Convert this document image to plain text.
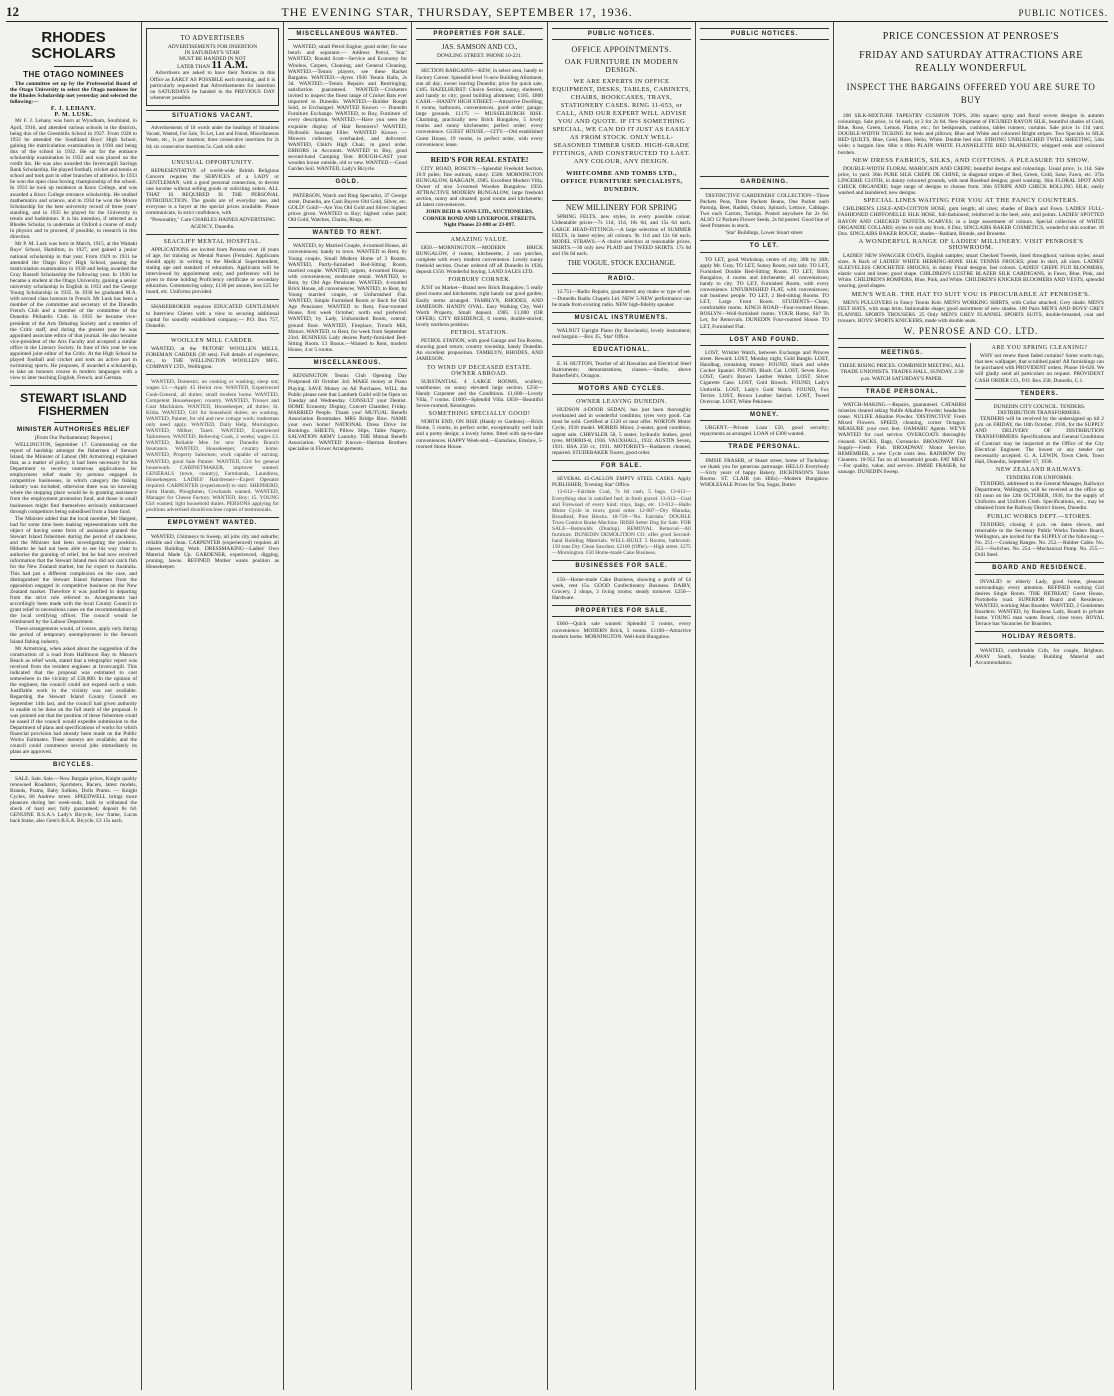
12	THE EVENING STAR, THURSDAY, SEPTEMBER 17, 1936.	PUBLIC NOTICES.
RHODES SCHOLARS
THE OTAGO NOMINEES

The committee set up by the Professorial Board of the Otago University to select the Otago nominees for the Rhodes Scholarship met yesterday and selected the following:—

F. J. LEHANY.
P. M. LUSK.

Mr F. J. Lehany was born at Wyndham, Southland, in April, 1916, and attended various schools in the districts, being dux of the Greenhills School in 1927. From 1928 to 1932 he attended the Southland Boys' High School, gaining the matriculation examination in 1930 and being dux of the school in 1932. He sat for the entrance scholarship examination in 1932 and was placed on the credit list. He was also awarded the Invercargill Savings Bank Scholarship. He played football, cricket and tennis at school and took part in other branches of athletics. In 1933 he won the open class boxing championship of the school. In 1933 he took up residence at Knox College, and was awarded a Knox College entrance scholarship. He studied mathematics and science, and in 1934 he won the Moore Scholarship for the best university record of three years' standing, and in 1935 he played for the University in tennis and badminton. It is his intention, if selected as a Rhodes Scholar, to undertake at Oxford a course of study in physics and to proceed, if possible, to research in this direction.

Mr P. M. Lusk was born in March, 1915, at the Waitaki Boys' School, Hamilton, in 1927, and gained a junior national scholarship in that year. From 1929 to 1931 he attended the Otago Boys' High School, passing the matriculation examination in 1930 and being awarded the Gray Russell Scholarship the following year. In 1930 he became a student at the Otago University, gaining a senior university scholarship in English in 1933 and the George Young Scholarship in 1935. In 1936 he graduated M.A. with second class honours in French. Mr Lusk has been a member of the committee and secretary of the Dunedin French Club and a member of the committee of the Dunedin Philatelic Club. In 1935 he became vice-president of the Arts Debating Society and a member of the Critic staff, and during the present year he was appointed associate editor of that journal. He also became vice-president of the Arts Faculty and accepted a similar office in the Literary Society. In June of this year he was appointed joint editor of the Critic. At the High School he played football and cricket and took an active part in swimming sports. He proposes, if awarded a scholarship, to take an honours course in modern languages with a view to later teaching English, French, and German.

STEWART ISLAND FISHERMEN
MINISTER AUTHORISES RELIEF
[From Our Parliamentary Reporter.]

WELLINGTON, September 17. Commenting on the report of hardship amongst the fishermen of Stewart Island, the Minister of Labour (Mr Armstrong) explained that, as a matter of policy, it had been necessary for his Department to receive numerous applications for employment relief made by persons engaged in competitive businesses, in which category the fishing industry was included; otherwise there was no knowing where the stopping place would be in granting assistance from the employment promotion fund, and those in small businesses might find themselves seriously embarrassed through competitors being subsidised from a State fund.

The Minister added that the local member, Mr Hargest, had for some time been making representations with the object of having some form of assistance granted the Stewart Island fishermen during the period of slackness, and the Minister had been investigating the position. Hitherto he had not been able to see his way clear to authorise the granting of relief, but he had now received information that the Stewart Island men did not catch fish for the New Zealand market, but for export to Australia. This had put a different complexion on the case, and distinguished the Stewart Island fishermen from the opposition engaged in competitive business on the New Zealand market. Therefore it was justified in departing from the strict rule referred to. Arrangements had accordingly been made with the local County Council to grant relief to necessitous cases on the recommendation of the local certifying officer. The council would be reimbursed by the Labour Department.

These arrangements would, of course, apply only during the period of temporary unemployment in the Stewart Island fishing industry.

Mr Armstrong, when asked about the suggestion of the construction of a road from Halfmoon Bay to Mason's Beach as relief work, stated that a telegraphic report was received from the resident engineer at Invercargill. This indicated that the proposal was estimated to cost somewhere in the vicinity of £30,000. In the opinion of the engineer, the council could not expend such a sum. Justifiable work in the vicinity was not available. Regarding the Stewart Island County Council on September 14th last, and the council had given authority to enable to be done on the full merit of the proposal. It was pointed out that the position of these fishermen could be eased if the council would expedite submission to the Department of plans and specifications of works for which financial provision had already been made on the Public Works Estimates. These moneys are available, and the council could commence several jobs immediately its plans are approved.

BICYCLES.

SALE. Sale. Sale.—Now Bargain prices, Knight quality renowned Roadsters, Sportsters, Racers, latest models, Brands, Prams, Baby Sulkies, Dolls Prams. — Knight Cycles, 80 Andrew street. SPEEDWELL brings more pleasure during her week-ends, built to withstand the shock of hard use; fully guaranteed; deposit 8s 6d. GENUINE B.S.A.'s Lady's Bicycle, low frame, Lucas back brake, also Gent's B.S.A. Bicycle, £3 15s each.

TO ADVERTISERS
ADVERTISEMENTS FOR INSERTION
IN SATURDAY'S 'STAR'
MUST BE HANDED IN NOT
LATER THAN 11 A.M.

Advertisers are asked to have their Notices in this Office as EARLY AS POSSIBLE each morning, and it is particularly requested that Advertisements for insertion on SATURDAYS be handed in the PREVIOUS DAY whenever possible.

SITUATIONS VACANT.

Advertisements of 18 words under the headings of Situations Vacant, Wanted, For Sale, To Let, Lost and Found, Miscellaneous Wants, etc., 1s per insertion; three consecutive insertions for 2s 6d; six consecutive insertions 5s. Cash with order.

UNUSUAL OPPORTUNITY.

REPRESENTATIVE of world-wide British Religious Concern requires the SERVICES of a LADY or GENTLEMAN, with a good personal connection, to devote one income without selling goods or soliciting orders. ALL THAT IS REQUIRED IS THE PERSONAL INTRODUCTION. The goods are of everyday use, and everyone is a buyer at the special prices available. Please communicate, in strict confidence, with

"Personality," Care CHARLES HAINES ADVERTISING AGENCY, Dunedin.
SEACLIFF MENTAL HOSPITAL.

APPLICATIONS are invited from Persons over 18 years of age, for training as Mental Nurses (Female). Applicants should apply in writing to the Medical Superintendent, stating age and standard of education. Applicants will be interviewed by appointment only, and preference will be given to those holding Proficiency certificate or secondary education. Commencing salary, £130 per annum, less £25 for board, etc. Uniforms provided.

SHAREBROKER requires EDUCATED GENTLEMAN to Interview Clients with a view to securing additional capital for soundly established company.— P.O. Box 757, Dunedin.

WOOLLEN MILL CARDER.

WANTED, at the 'PETONE' WOOLLEN MILLS, FOREMAN CARDER (30 sets). Full details of experience, etc., to THE WELLINGTON WOOLLEN MFG. COMPANY LTD., Wellington.

WANTED, Domestic; no cooking or washing; sleep out; wages £1.—Apply 45 Heriot row. WANTED, Experienced Cook-General, all duties; small modern home. WANTED, Competent Housekeeper; country. WANTED, Trouser and Coat Machinists. WANTED, Housekeeper, all duties; St. Kilda. WANTED, Girl for household duties; no washing. WANTED, Painter, for old and new cottage work; tradesman only need apply. WANTED, Daily Help, Mornington. WANTED, Milker; Taieri. WANTED, Experienced Tailoresses. WANTED, Relieving Cook, 2 weeks; wages £3. WANTED, Reliable Men for new Dunedin Branch Insurance. WANTED, Housekeeper, country home. WANTED, Property Salesmen; work capable of earning. WANTED, good Sale Painter. WANTED, Girl for general housework. CABINETMAKER, improver wanted. GENERALS (town, country), Farmhands, Laundress, Housekeepers. LADIES' Hairdresser—Expert Operator required. CARPENTER (experienced) to start. SHEPHERD, Farm Hands, Ploughmen, Cowhands wanted. WANTED, Manager for Cheese Factory. WANTED, Boy; 15. YOUNG Girl wanted; light household duties. PERSONS applying for positions advertised should enclose copies of testimonials.

EMPLOYMENT WANTED.

WANTED, Chimneys to Sweep, all jobs city and suburbs; reliable and clean. CARPENTER (experienced) requires all classes Building Work. DRESSMAKING—Ladies' Own Material Made Up. GARDENER, experienced, digging, pruning, lawns. REFINED Mother wants position as Housekeeper.

MISCELLANEOUS WANTED.

WANTED, small Petrol Engine, good order; for saw bench and separator.— Address Petrol, 'Star.' WANTED, Ronald Scott—Service and Economy for Window, Carpets, Cleaning, and General Cleaning. WANTED.—Tennis players, see these Racket Bargains. WANTED.—Ayres 1936 Tennis Balls, 2s 3d. WANTED.—Tennis Repairs and Restringing; satisfaction guaranteed. WANTED.—Cricketers invited to inspect the finest range of Cricket Bats ever imported to Dunedin. WANTED.—Builder Rough Sold, or Exchanged. WANTED Known — Dunedin Furniture Exchange. WANTED, to Buy, Furniture of every description. WANTED.—Have you seen the exquisite display of Hair Restorers? WANTED, Hydraulic Sausage Filler. WANTED Known — Mowers collected, overhauled, and delivered. WANTED, Child's High Chair, in good order. ERRORS in Accounts. WANTED to Buy, good second-hand Camping Tent. ROUGH-CAST your wooden house outside, old or new. WANTED.—Good Garden Soil. WANTED, Lady's Bicycle.

GOLD.

PATERSON, Watch and Ring Specialist, 37 George street, Dunedin, are Cash Buyers Old Gold, Silver, etc. GOLD! Gold!—Are You Old Gold and Silver; highest prices given. WANTED to Buy; highest value paid; Old Gold, Watches, Chains, Rings, etc.

WANTED TO RENT.

WANTED, by Married Couple, 4-roomed House, all conveniences; handy to town. WANTED to Rent, by Young couple, Small Modern Home of 3 Rooms. WANTED, Partly-furnished Bed-Sitting Room, married couple. WANTED, urgent, 4-roomed House, with conveniences; moderate rental. WANTED, to Rent, by Old Age Pensioner. WANTED, 4-roomed Brick House, all conveniences. WANTED, to Rent, by Young married couple, or Unfurnished Flat. WANTED, Simple Furnished Room or Bach for Old Age Pensioner. WANTED to Rent, Four-roomed House, first week October; north end preferred. WANTED, by Lady, Unfurnished Room, central; ground floor. WANTED, Fireplace, Trench Mill, Motors. WANTED, to Rent, for week from September 23rd. BUSINESS Lady desires Partly-furnished Bed-Sitting Room. £1 Bonus.—Wanted to Rent, modern House, 4 or 5 rooms.

MISCELLANEOUS.

KENSINGTON Tennis Club Opening Day Postponed till October 3rd. MAKE money at Piano Playing. SAVE Money on All Purchases. WILL the Public please note that Lambeth Guild will be Open on Tuesday and Wednesday. CONSULT your Dentist. HOME Economy Display, Concert Chamber, Friday. MARRIED People. Thank you! MUTUAL Benefit Association Bootmaker. MRS Bridge Rice. NAME your own home! NATIONAL Dress Drive for Bookings. SHEETS, Pillow Slips, Table Napery. SALVATION ARMY Laundry. THE Mutual Benefit Association. WANTED Known—Harman Brothers specialise in Flower Arrangements.

PROPERTIES FOR SALE.
JAS. SAMSON AND CO.,
DOWLING STREET. PHONE 10-221.

SECTION BARGAINS—KEW, in select area, handy to Factory Corner. Splendid level ½-acre Building Allotment, sun all day; owner leaving Dunedin; price for quick sale, £185. HAZELHURST: Choice Section, sunny, sheltered, and handy to city; good building allotment; £185. £800 CASH.—HANDY HIGH STREET.—Attractive Dwelling, 6 rooms, bathroom, conveniences, good order; garage; large grounds. £1175 — MUSSELBURGH RISE. Charming, practically new Brick Bungalow, 5 lovely rooms and sunny kitchenette; perfect order; every convenience. GUEST HOUSE.—CITY.—Old established Guest House, 19 rooms, in perfect order, with every convenience; lease.

REID'S FOR REAL ESTATE!

CITY ROAD, ROSLYN.—Splendid Freehold Section, 10.9 poles; fine outlook, sunny. £500. MORNINGTON BUNGALOW, BARGAIN, £985. Excellent Modern Villa, Owner of nice 5-roomed Wooden Bungalow. £950. ATTRACTIVE MODERN BUNGALOW, large freehold section, sunny and situated; good rooms and kitchenette; all latest conveniences.

JOHN REID & SONS LTD., AUCTIONEERS, CORNER BOND AND LIVERPOOL STREETS. Night Phones 23-888 or 23-897.
AMAZING VALUE.

£850.—MORNINGTON.—MODERN BRICK BUNGALOW, 4 rooms, kitchenette, 2 sun porches, complete with every modern convenience. Lovely sunny freehold section. Owner ordered off all Dunedin in 1936, deposit £150. Wonderful buying. LAND SALES LTD.

FORBURY CORNER.

JUST on Market—Brand new Brick Bungalow, 5 really good rooms and kitchenette; right handy our good garden; Easily terms arranged. TAMBLYN, RHODES, AND JAMIESON. HANDY OVAL. Easy Walking City, Well Worth Property. Small deposit. £985. £1,000 (OR OFFER). CITY RESIDENCE, 6 rooms, double-storied; lovely northern position.

PETROL STATION.

PETROL STATION, with good Garage and Tea Rooms, showing good return; country township, handy Dunedin. An excellent proposition. TAMBLYN, RHODES, AND JAMIESON.

TO WIND UP DECEASED ESTATE. OWNER ABROAD.

SUBSTANTIAL 4 LARGE ROOMS, scullery, washhouse; on sunny elevated large section. £250—Handy Carpenter and the Conditions. £1,600—Lovely Villa, 7 rooms. £1600—Splendid Villa. £850—Beautiful Seven-roomed, Kensington.

SOMETHING SPECIALLY GOOD!

NORTH END, ON RISE (Handy to Gardens).—Brick Home, 5 rooms, in perfect order, exceptionally well built and a pretty design; a lovely home, fitted with up-to-date conveniences. HAPPY Week-end.—Earnshaw, Emslaw, 5-roomed Stone House.

PUBLIC NOTICES.
OFFICE APPOINTMENTS.
OAK FURNITURE IN MODERN DESIGN.
WE ARE EXPERTS IN OFFICE EQUIPMENT, DESKS, TABLES, CABINETS, CHAIRS, BOOKCASES, TRAYS, STATIONERY CASES. RING 11-653, or CALL, AND OUR EXPERT WILL ADVISE YOU AND QUOTE. IF IT'S SOMETHING SPECIAL, WE CAN DO IT JUST AS EASILY AS FROM STOCK. ONLY WELL-SEASONED TIMBER USED. HIGH-GRADE FITTINGS, AND CONSTRUCTED TO LAST. ANY COLOUR, ANY DESIGN.
WHITCOMBE AND TOMBS LTD., OFFICE FURNITURE SPECIALISTS, DUNEDIN.
NEW MILLINERY FOR SPRING

SPRING FELTS, new styles, in every possible colour. Unbeatable prices—7s 11d, 11d, 10s 6d, and 15s 6d each. LARGE HEAD-FITTINGS.—A large selection of SUMMER FELTS, in latest styles; all colours. 9s 11d and 12s 6d each. MODEL STRAWS.—A choice selection at reasonable prices. SKIRTS.—30 only new PLAID and TWEED SKIRTS. 17s 6d and 19s 6d each.

THE VOGUE, STOCK EXCHANGE.
RADIO.

12.751—Radio Repairs, guaranteed; any make or type of set.—Dunedin Radio Chapels Ltd. NEW 5-NEW performance can be made from existing radio. NEW high-fidelity speaker.

MUSICAL INSTRUMENTS.

WALNUT Upright Piano (by Rowlands), lovely instrument; real bargain.—Box 35, 'Star' Office.

EDUCATIONAL.

E. H. HUTTON, Teacher of all Hawaiian and Electrical Steel Instruments; demonstrations, classes.—Studio, above Butterfield's, Octagon.

MOTORS AND CYCLES.
OWNER LEAVING DUNEDIN.

HUDSON 4-DOOR SEDAN, has just been thoroughly overhauled and in wonderful condition; tyres very good. Car must be sold. Certified at £120 or near offer. NORTON Motor Cycle, 1930 model. MORRIS Minor, 2-seater, good condition, urgent sale. CHRYSLER 58, 5 seater, hydraulic brakes, good tyres. MORRIS-8, 1936. VAUXHALL, 1932. AUSTIN Seven, 1931. BSA 250 cc, 1931. MOTORISTS—Radiators cleaned, repaired. STUDEBAKER Tourer, good order.

FOR SALE.

SEVERAL 45-GALLON EMPTY STEEL CASKS. Apply PUBLISHER, 'Evening Star' Office.

13-612—Fairdale Coal, 7s 6d cash, 5 bags. 13-612—Everything shot in satisfied fuel; in fresh gravel. 13-612—Coal and Firewood of every kind; trays, bags, etc. 13-612—Hallo Motor Cycle in town; good order. 12-087—Dry Manuka, Broadleaf, Pine Blocks. 18-739—'No. Fairdale.' DOUBLE Truss Comice Brake Machine. IRISH Setter Dog for Sale. FOR SALE—Remoulds (Dunlop). REMOVAL Removal—All furniture. DUNEDIN DEMOLITION CO. offer good Second-hand Building Materials. WELL-BUILT 5 Rooms, bathroom. 150 tons Dry Clean Sawdust. £2100 (Offer).—High street. £275—Mornington. £50 Home-made Cake Business.

BUSINESSES FOR SALE.

£50—Home-made Cake Business, showing a profit of £4 week, rent 15s. GOOD Confectionery Business. DAIRY, Grocery, 2 shops, 3 living rooms; steady turnover. £250—Hardware.

PROPERTIES FOR SALE.

£660—Quick sale wanted: Splendid 5 rooms, every convenience. MODERN Brick, 5 rooms. £1100—Attractive modern home. MORNINGTON: Well-built Bungalow.

PUBLIC NOTICES.
GARDENING.

'DISTINCTIVE' GARDENERS' COLLECTION—Three Packets Peas, Three Packets Beans, One Packet each Parsnip, Beet, Radish, Onion, Spinach, Lettuce, Cabbage. Two each Carrots, Turnips. Posted anywhere for 2s 6d. ALSO 12 Packets Flower Seeds, 2s 6d posted. Good line of Seed Potatoes in stock.

'Star' Buildings, Lower Stuart street.
TO LET.

TO LET, good Workshop, centre of city, 30ft by 20ft; apply Mr. Gray. TO LET, Sunny Room, suit lady. TO LET, Furnished Double Bed-Sitting Room. TO LET, Brick Bungalow, 4 rooms and kitchenette; all conveniences; handy to city. TO LET, Furnished Room, with every convenience. UNFURNISHED FLAT, with conveniences; suit business people. TO LET, 2 Bed-sitting Rooms. TO LET, Large Front Room. STUDENTS—Clean, comfortable rooms. KINGS ROAD—Four-roomed House. ROSLYN—Well-furnished rooms. YOUR Home, Sir? To Let, for Removals. DUNEDIN Four-roomed House. TO LET, Furnished Flat.

LOST AND FOUND.

LOST, Wristlet Watch, between Exchange and Princes street. Reward. LOST, Monday night, Gold Bangle. LOST, Handbag, containing money. FOUND, black and white Cocker Spaniel. FOUND, Black Cat. LOST, Seven Keys. LOST, Gent's Brown Leather Wallet. LOST, Silver Cigarette Case. LOST, Gold Brooch. FOUND, Lady's Umbrella. LOST, Lady's Gold Watch. FOUND, Fox Terrier. LOST, Brown Leather Satchel. LOST, Tweed Overcoat. LOST, White Pekinese.

MONEY.

URGENT.—Private Loan £50, good security; repayments as arranged. LOAN of £300 wanted.

TRADE PERSONAL.

JIMSIE FRASER, of Stuart street, home of Tuckshop: we thank you for generous patronage. HELLO Everybody—Sixty years of happy Bakery. DICKINSON'S Toilet Rooms. ST. CLAIR (on Hills).—Modern Bungalow. WHOLESALE Prices for Tea, Sugar, Butter.

PRICE CONCESSION AT PENROSE'S
FRIDAY AND SATURDAY ATTRACTIONS ARE REALLY WONDERFUL
INSPECT THE BARGAINS OFFERED YOU ARE SURE TO BUY

200 SILK-MIXTURE TAPESTRY CUSHION TOPS, 20in square; spray and floral woven designs in autumn colourings. Sale price, 1s 6d each, or 2 for 2s 6d. New Shipment of FIGURED RAYON SILK, beautiful shades of Gold, Blue, Rose, Green, Lemon, Flame, etc.; for bedspreads, cushions, tables runners, curtains. Sale price 1s 11d yard. DOUBLE-WIDTH TICKING for beds and pillows; Blue and White and coloured Bright stripes. Two Specials in SILK BED QUILTS, Blue, Gold, Rose, Helio, White. Double bed size. STRONG UNBLEACHED TWILL SHEETING, 54in wide; a bargain line. 60in x 80in PLAIN WHITE FLANNELETTE BED BLANKETS; whipped ends and coloured borders.

NEW DRESS FABRICS, SILKS, AND COTTONS. A PLEASURE TO SHOW.

DOUBLE-WIDTH FLORAL MAROCAIN AND CREPE; beautiful designs and colourings. Usual price, 1s 11d. Sale price, 1s yard. 36in PURE SILK CREPE DE CHINE, in diagonal stripes of Red, Green, Gold, Saxe, Fawn, etc. 37in LINGERIE CLOTH, in dainty coloured grounds, with neat Rosebud designs; good washing. 36in FLORAL SPOT AND CHECK ORGANDIE; huge range of designs to choose from. 36in STRIPE AND CHECK ROLLING SILK; easily washed and laundered; new designs.

SPECIAL LINES WAITING FOR YOU AT THE FANCY COUNTERS.

CHILDREN'S LISLE-AND-COTTON HOSE, gum length; all sizes; shades of Black and Fawn. LADIES' FULL-FASHIONED CHIFFONELLE SILK HOSE, full-fashioned, reinforced in the heel, sole, and points. LADIES' SPOTTED RAYON AND CHECKED TAFFETA SCARVES; in a large assortment of colours. Special collection of WHITE ORGANDIE COLLARS; styles to suit any frock. 6 Doz. SINCLAIRS BAKER COSMETICS, wonderful skin soother. 10 Doz. SINCLAIRS BAKER ROUGE, shades—Radiant, Blonde, and Brunette.

A WONDERFUL RANGE OF LADIES' MILLINERY. VISIT PENROSE'S SHOWROOM.

LADIES' NEW SWAGGER COATS, English samples; smart Checked Tweeds, lined throughout; various styles; usual sizes. A Rack of LADIES' WHITE HERRING-BONE SILK TENNIS FROCKS; pleat in skirt, all sizes. LADIES' SLEEVELESS CROCHETEE SMOCKS, in dainty Floral designs; fast colours. LADIES' CREPE FUJI BLOOMERS, elastic waist and knee; good shape. CHILDREN'S LUSTRE BLAZER SILK CARDIGANS, in Fawn, Blue, Pink, and White. CHILDREN'S ROMPERS, Blue, Pink, and White. CHILDREN'S KNICKER BLOOMERS AND VESTS, splendid wearing, good shapes.

MEN'S WEAR. THE HAT TO SUIT YOU IS PROCURABLE AT PENROSE'S.

MEN'S PULLOVERS in Fancy Tennis Knit. MEN'S WORKING SHIRTS, with Collar attached; Grey shade. MEN'S FELT HATS, with snap brim, fashionable shape; good assortment of new shades. 100 Pairs MEN'S AND BOYS' GREY FLANNEL SPORTS TROUSERS. 25 Only MEN'S GREY FLANNEL SPORTS SUITS, double-breasted, coat and trousers. BOYS' SPORTS KNICKERS, made with double seats.

W. PENROSE AND CO. LTD.
MEETINGS.
THESE RISING PRICES. COMBINED MEETING, ALL TRADE UNIONISTS. TRADES HALL, SUNDAY, 2.30 p.m. WATCH SATURDAY'S PAPER.
TRADE PERSONAL.

WATCH-MAKING.—Repairs, guaranteed. CATARRH miseries cleared taking Nulife Alkaline Powder; headaches cease. NULIFE Alkaline Powder. 'DISTINCTIVE' Fresh Mixed Flowers. SPEED, cleaning, corner Octagon. MEASURE your own feet. OAMARU Agents. WE'VE WANTED for coal service. OVERCOATS thoroughly cleaned. SACKS, Bags, Cornsacks. BROADWAY Fish Supply—Fresh Fish. BROADWAY Motor Service. REMEMBER, a new Cycle costs less. RAINBOW Dry Cleaners. 10-952 Tax on all household goods. FAT MEAT—For quality, value, and service. JIMSIE FRASER, for sausage. DUNEDIN Sweep.

ARE YOU SPRING CLEANING?

WHY not renew those faded curtains? Some warm rugs, that new wallpaper, that scrubbed paint! All furnishings can be purchased with PROVIDENT orders. Phone 10-626. We will gladly send all particulars on request. PROVIDENT CASH ORDER CO., P.O. Box 258, Dunedin, C.1.

TENDERS.
DUNEDIN CITY COUNCIL. TENDERS. DISTRIBUTION TRANSFORMERS.

TENDERS will be received by the undersigned up till 2 p.m. on FRIDAY, the 18th October, 1936, for the SUPPLY AND DELIVERY OF DISTRIBUTION TRANSFORMERS. Specifications and General Conditions of Contract may be inspected at the Office of the City Electrical Engineer. The lowest or any tender not necessarily accepted. G. A. LEWIN, Town Clerk. Town Hall, Dunedin, September 17, 1936.

NEW ZEALAND RAILWAYS.
TENDERS FOR UNIFORMS.

TENDERS, addressed to the General Manager, Railways Department, Wellington, will be received at the office up till noon on the 12th OCTOBER, 1936, for the supply of Uniforms and Uniform Cloth. Specifications, etc., may be obtained from the Railway District Stores, Dunedin.

PUBLIC WORKS DEPT.—STORES.

TENDERS, closing 4 p.m. on dates shown, and returnable to the Secretary Public Works Tenders Board, Wellington, are invited for the SUPPLY of the following:— No. 251.—Cooking Ranges. No. 252.—Rubber Cable. No. 253.—Switches. No. 254.—Mechanical Pump. No. 255.—Drill Steel.

BOARD AND RESIDENCE.

INVALID or elderly Lady, good home, pleasant surroundings; every attention. REFINED working Girl desires Single Room. 'THE RETREAT,' Guest House, Portobello road. SUPERIOR Board and Residence. WANTED, working Man Boarder. WANTED, 2 Gentlemen Boarders. WANTED, by Business Lady, Board in private home. YOUNG man wants Board, close town. ROYAL Terrace has Vacancies for Boarders.

HOLIDAY RESORTS.

WANTED, comfortable Crib, for couple, Brighton. AWAY South, Sunday Building Material and Accommodation.
